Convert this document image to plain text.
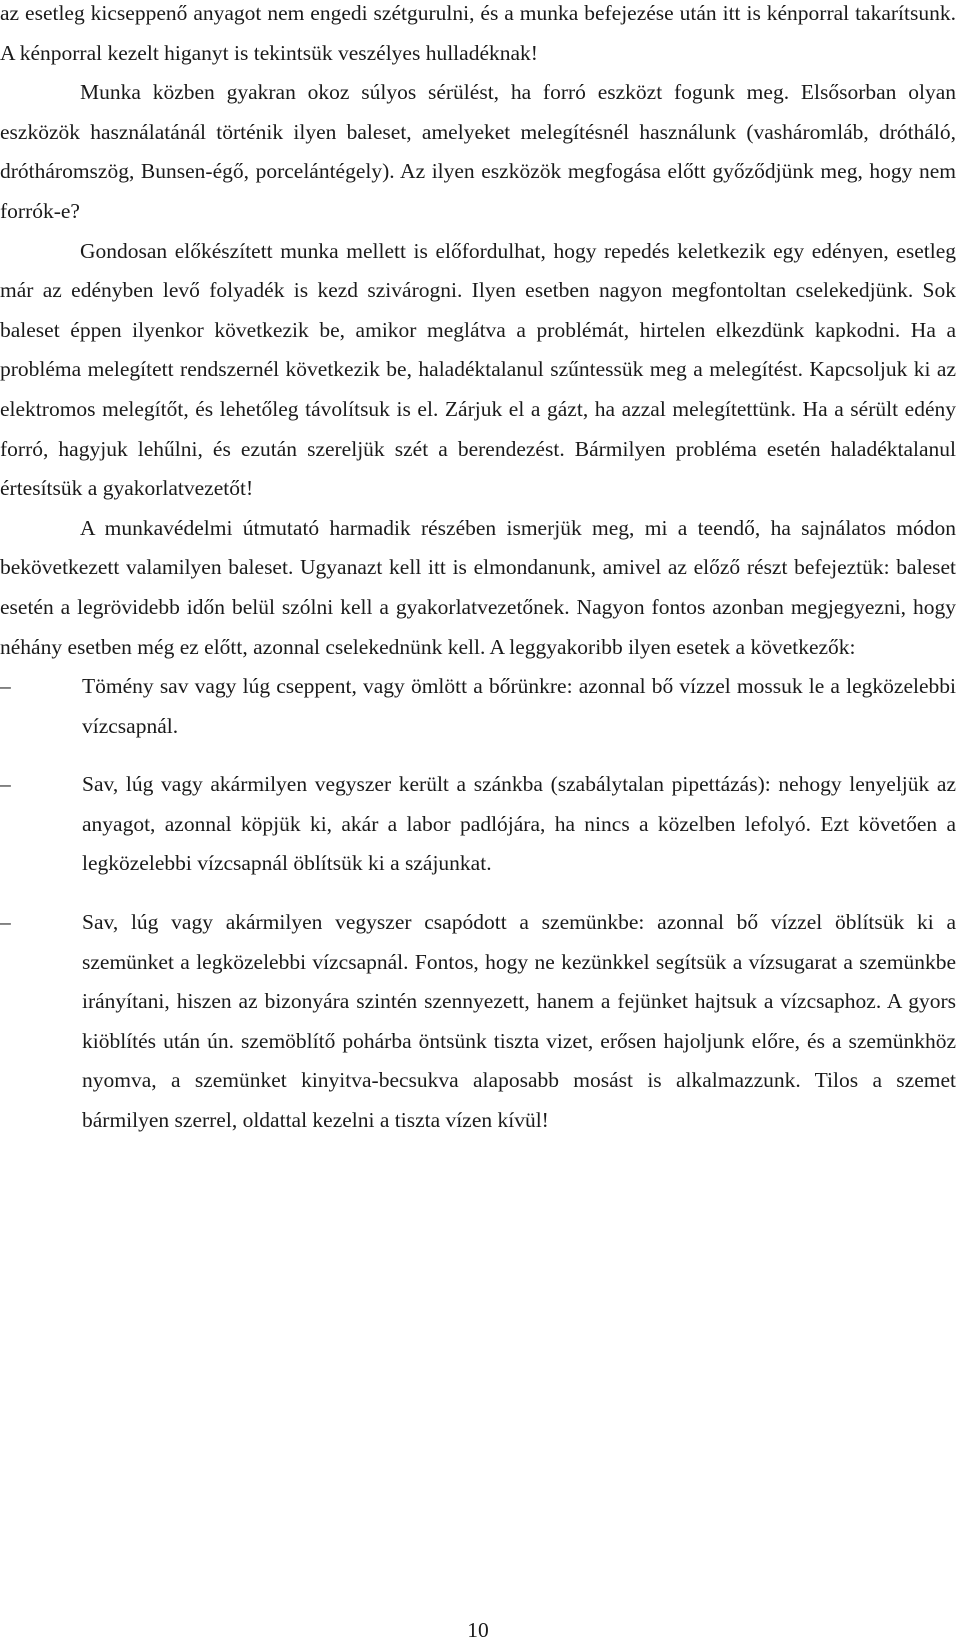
az esetleg kicseppenő anyagot nem engedi szétgurulni, és a munka befejezése után itt is kénporral takarítsunk. A kénporral kezelt higanyt is tekintsük veszélyes hulladéknak!

Munka közben gyakran okoz súlyos sérülést, ha forró eszközt fogunk meg. Elsősorban olyan eszközök használatánál történik ilyen baleset, amelyeket melegítésnél használunk (vasháromláb, drótháló, drótháromszög, Bunsen-égő, porcelántégely). Az ilyen eszközök megfogása előtt győződjünk meg, hogy nem forrók-e?

Gondosan előkészített munka mellett is előfordulhat, hogy repedés keletkezik egy edényen, esetleg már az edényben levő folyadék is kezd szivárogni. Ilyen esetben nagyon megfontoltan cselekedjünk. Sok baleset éppen ilyenkor következik be, amikor meglátva a problémát, hirtelen elkezdünk kapkodni. Ha a probléma melegített rendszernél következik be, haladéktalanul szűntessük meg a melegítést. Kapcsoljuk ki az elektromos melegítőt, és lehetőleg távolítsuk is el. Zárjuk el a gázt, ha azzal melegítettünk. Ha a sérült edény forró, hagyjuk lehűlni, és ezután szereljük szét a berendezést. Bármilyen probléma esetén haladéktalanul értesítsük a gyakorlatvezetőt!

A munkavédelmi útmutató harmadik részében ismerjük meg, mi a teendő, ha sajnálatos módon bekövetkezett valamilyen baleset. Ugyanazt kell itt is elmondanunk, amivel az előző részt befejeztük: baleset esetén a legrövidebb időn belül szólni kell a gyakorlatvezetőnek. Nagyon fontos azonban megjegyezni, hogy néhány esetben még ez előtt, azonnal cselekednünk kell. A leggyakoribb ilyen esetek a következők:

–	Tömény sav vagy lúg cseppent, vagy ömlött a bőrünkre: azonnal bő vízzel mossuk le a legközelebbi vízcsapnál.
–	Sav, lúg vagy akármilyen vegyszer került a szánkba (szabálytalan pipettázás): nehogy lenyeljük az anyagot, azonnal köpjük ki, akár a labor padlójára, ha nincs a közelben lefolyó. Ezt követően a legközelebbi vízcsapnál öblítsük ki a szájunkat.
–	Sav, lúg vagy akármilyen vegyszer csapódott a szemünkbe: azonnal bő vízzel öblítsük ki a szemünket a legközelebbi vízcsapnál. Fontos, hogy ne kezünkkel segítsük a vízsugarat a szemünkbe irányítani, hiszen az bizonyára szintén szennyezett, hanem a fejünket hajtsuk a vízcsaphoz. A gyors kiöblítés után ún. szemöblítő pohárba öntsünk tiszta vizet, erősen hajoljunk előre, és a szemünkhöz nyomva, a szemünket kinyitva-becsukva alaposabb mosást is alkalmazzunk. Tilos a szemet bármilyen szerrel, oldattal kezelni a tiszta vízen kívül!
10
